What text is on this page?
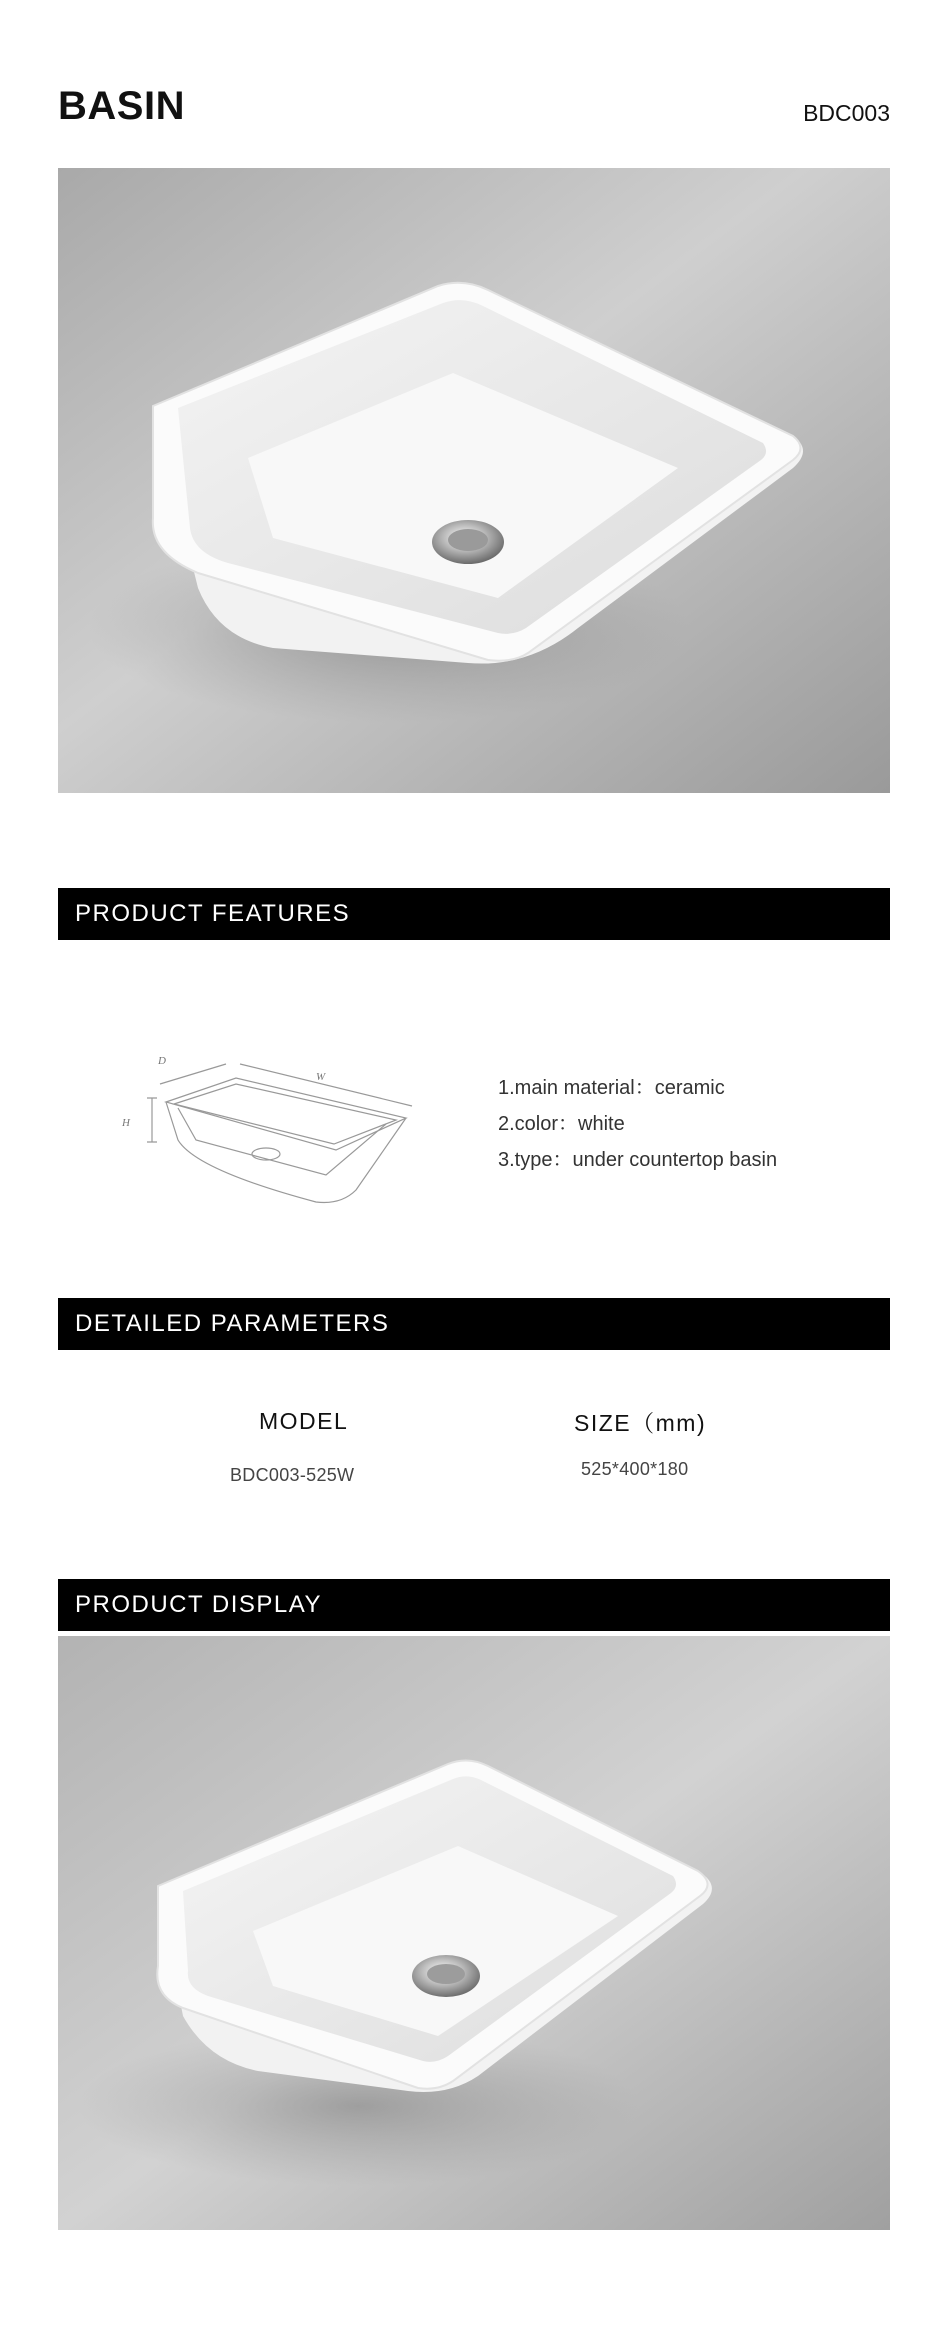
BASIN	BDC003
PRODUCT FEATURES
D
W
H
1.main material：ceramic
2.color：white
3.type：under countertop basin
DETAILED PARAMETERS
MODEL	SIZE（mm)
BDC003-525W	525*400*180
PRODUCT DISPLAY
